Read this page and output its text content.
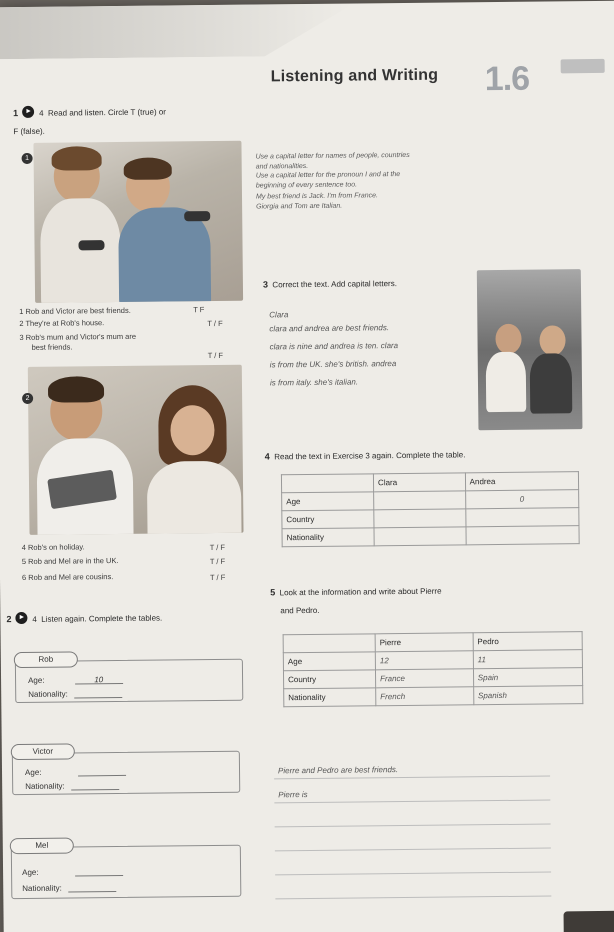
Listening and Writing 1.6
1 ► 4 Read and listen. Circle T (true) or
F (false).
1
1 Rob and Victor are best friends.	T F
2 They're at Rob's house.	T / F
3 Rob's mum and Victor's mum are
best friends.
T / F
2
4 Rob's on holiday.	T / F
5 Rob and Mel are in the UK.	T / F
6 Rob and Mel are cousins.	T / F
Use a capital letter for names of people, countries
and nationalities.
Use a capital letter for the pronoun I and at the
beginning of every sentence too.
My best friend is Jack. I'm from France.
Giorgia and Tom are Italian.
3 Correct the text. Add capital letters.
Clara
clara and andrea are best friends.
clara is nine and andrea is ten. clara
is from the UK. she's british. andrea
is from italy. she's italian.
4 Read the text in Exercise 3 again. Complete the table.
	Clara	Andrea
Age		0
Country		
Nationality		
5 Look at the information and write about Pierre
and Pedro.
	Pierre	Pedro
Age	12	11
Country	France	Spain
Nationality	French	Spanish
Pierre and Pedro are best friends.
Pierre is
2 ► 4 Listen again. Complete the tables.
Rob
Age:	10
Nationality:
Victor
Age:
Nationality:
Mel
Age:
Nationality:
